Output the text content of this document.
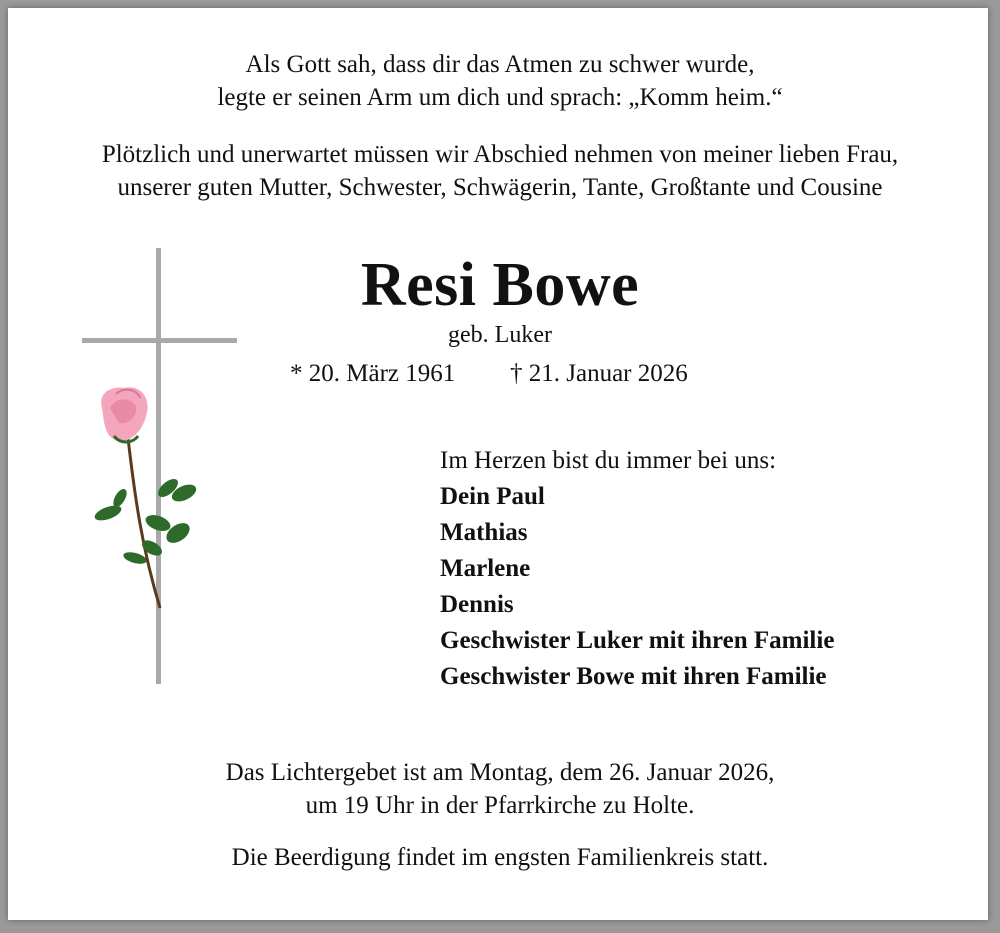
Als Gott sah, dass dir das Atmen zu schwer wurde,
legte er seinen Arm um dich und sprach: „Komm heim.“
Plötzlich und unerwartet müssen wir Abschied nehmen von meiner lieben Frau,
unserer guten Mutter, Schwester, Schwägerin, Tante, Großtante und Cousine
Resi Bowe
geb. Luker
* 20. März 1961 † 21. Januar 2026
Im Herzen bist du immer bei uns:
Dein Paul
Mathias
Marlene
Dennis
Geschwister Luker mit ihren Familie
Geschwister Bowe mit ihren Familie
Das Lichtergebet ist am Montag, dem 26. Januar 2026,
um 19 Uhr in der Pfarrkirche zu Holte.
Die Beerdigung findet im engsten Familienkreis statt.
